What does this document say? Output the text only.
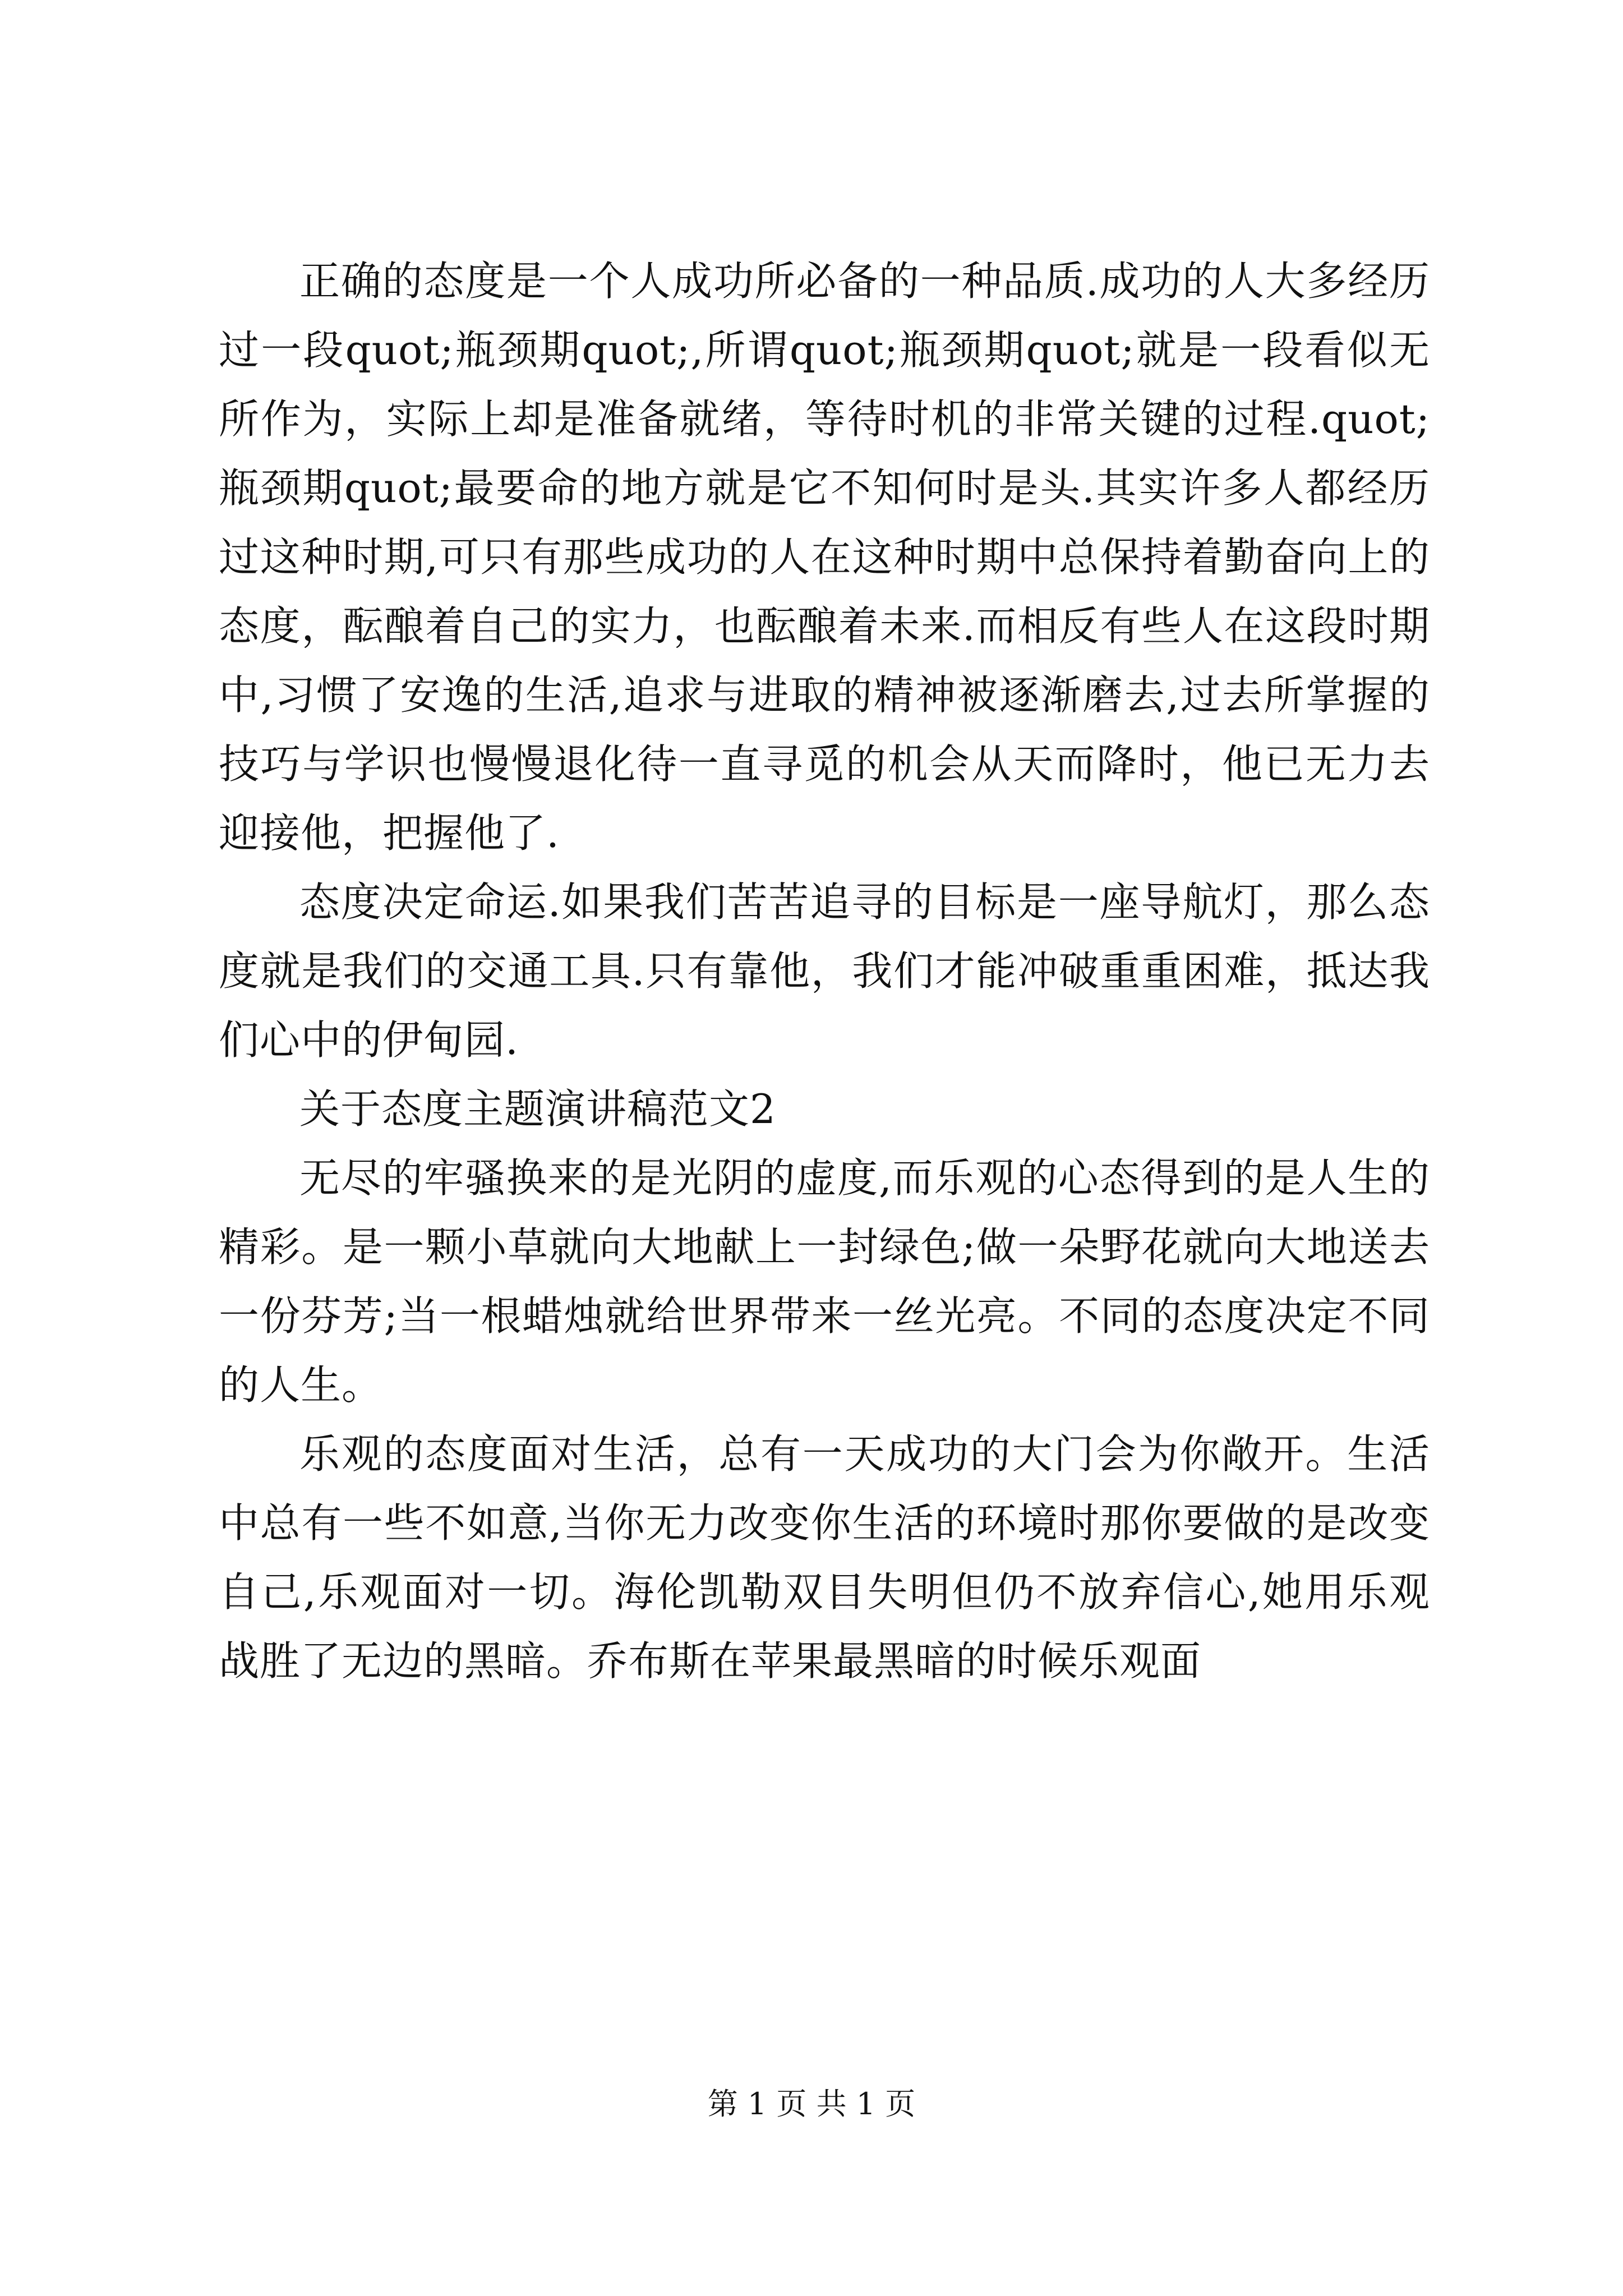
正确的态度是一个人成功所必备的一种品质.成功的人大多经历过一段quot;瓶颈期quot;,所谓quot;瓶颈期quot;就是一段看似无所作为，实际上却是准备就绪，等待时机的非常关键的过程.quot;瓶颈期quot;最要命的地方就是它不知何时是头.其实许多人都经历过这种时期,可只有那些成功的人在这种时期中总保持着勤奋向上的态度，酝酿着自己的实力，也酝酿着未来.而相反有些人在这段时期中,习惯了安逸的生活,追求与进取的精神被逐渐磨去,过去所掌握的技巧与学识也慢慢退化待一直寻觅的机会从天而降时，他已无力去迎接他，把握他了.

态度决定命运.如果我们苦苦追寻的目标是一座导航灯，那么态度就是我们的交通工具.只有靠他，我们才能冲破重重困难，抵达我们心中的伊甸园.

关于态度主题演讲稿范文2

无尽的牢骚换来的是光阴的虚度,而乐观的心态得到的是人生的精彩。是一颗小草就向大地献上一封绿色;做一朵野花就向大地送去一份芬芳;当一根蜡烛就给世界带来一丝光亮。不同的态度决定不同的人生。

乐观的态度面对生活，总有一天成功的大门会为你敞开。生活中总有一些不如意,当你无力改变你生活的环境时那你要做的是改变自己,乐观面对一切。海伦凯勒双目失明但仍不放弃信心,她用乐观战胜了无边的黑暗。乔布斯在苹果最黑暗的时候乐观面

第 1 页 共 1 页
